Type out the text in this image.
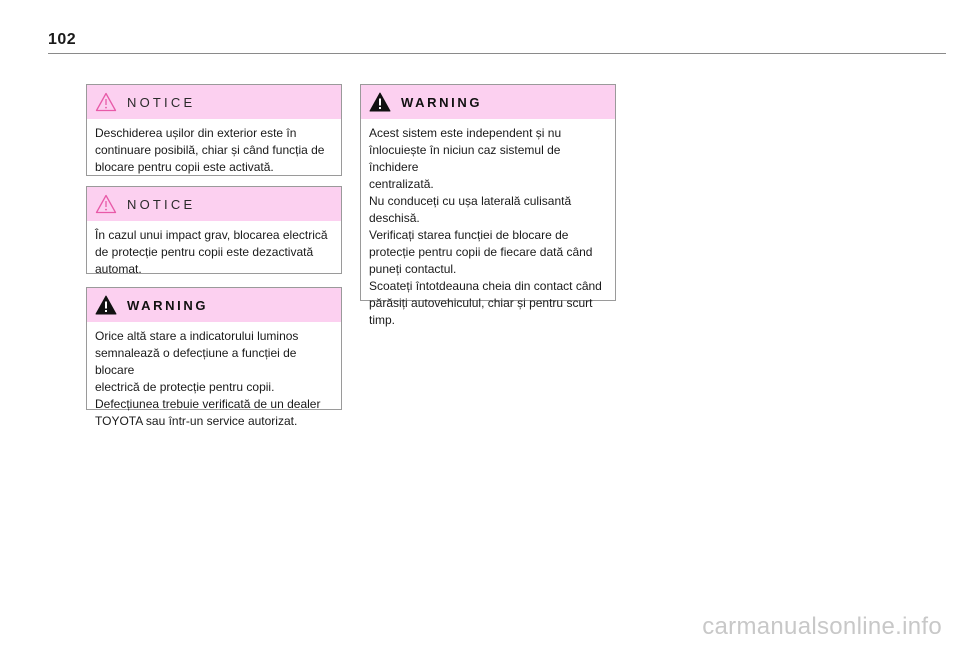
102
NOTICE

Deschiderea ușilor din exterior este în

continuare posibilă, chiar și când funcția de

blocare pentru copii este activată.

NOTICE

În cazul unui impact grav, blocarea electrică

de protecție pentru copii este dezactivată

automat.

WARNING

Orice altă stare a indicatorului luminos

semnalează o defecțiune a funcției de blocare

electrică de protecție pentru copii.

Defecțiunea trebuie verificată de un dealer

TOYOTA sau într-un service autorizat.

WARNING

Acest sistem este independent și nu

înlocuiește în niciun caz sistemul de închidere

centralizată.

Nu conduceți cu ușa laterală culisantă

deschisă.

Verificați starea funcției de blocare de

protecție pentru copii de fiecare dată când

puneți contactul.

Scoateți întotdeauna cheia din contact când

părăsiți autovehiculul, chiar și pentru scurt

timp.

carmanualsonline.info
